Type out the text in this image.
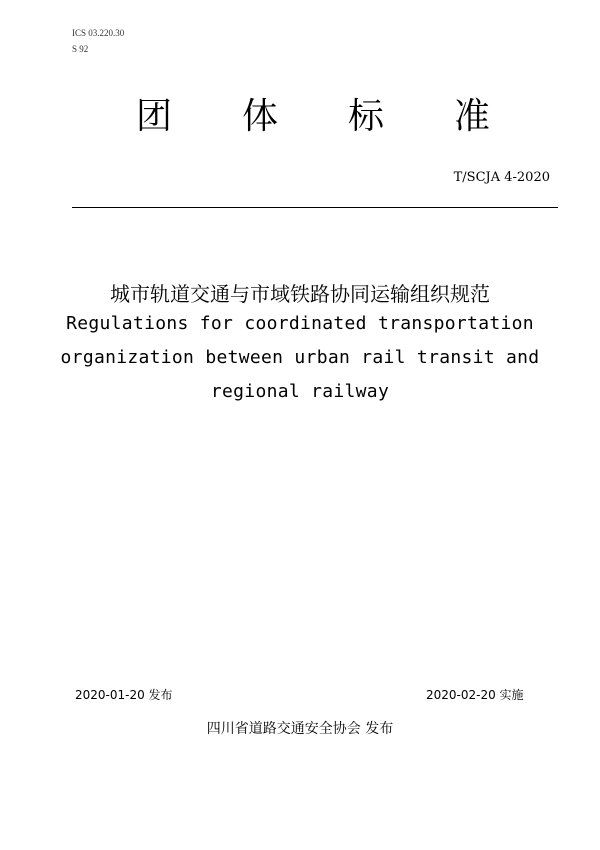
ICS 03.220.30
S 92
团 体 标 准
T/SCJA 4-2020
城市轨道交通与市域铁路协同运输组织规范
Regulations for coordinated transportation
organization between urban rail transit and
regional railway
2020-01-20 发布	2020-02-20 实施
四川省道路交通安全协会 发布
